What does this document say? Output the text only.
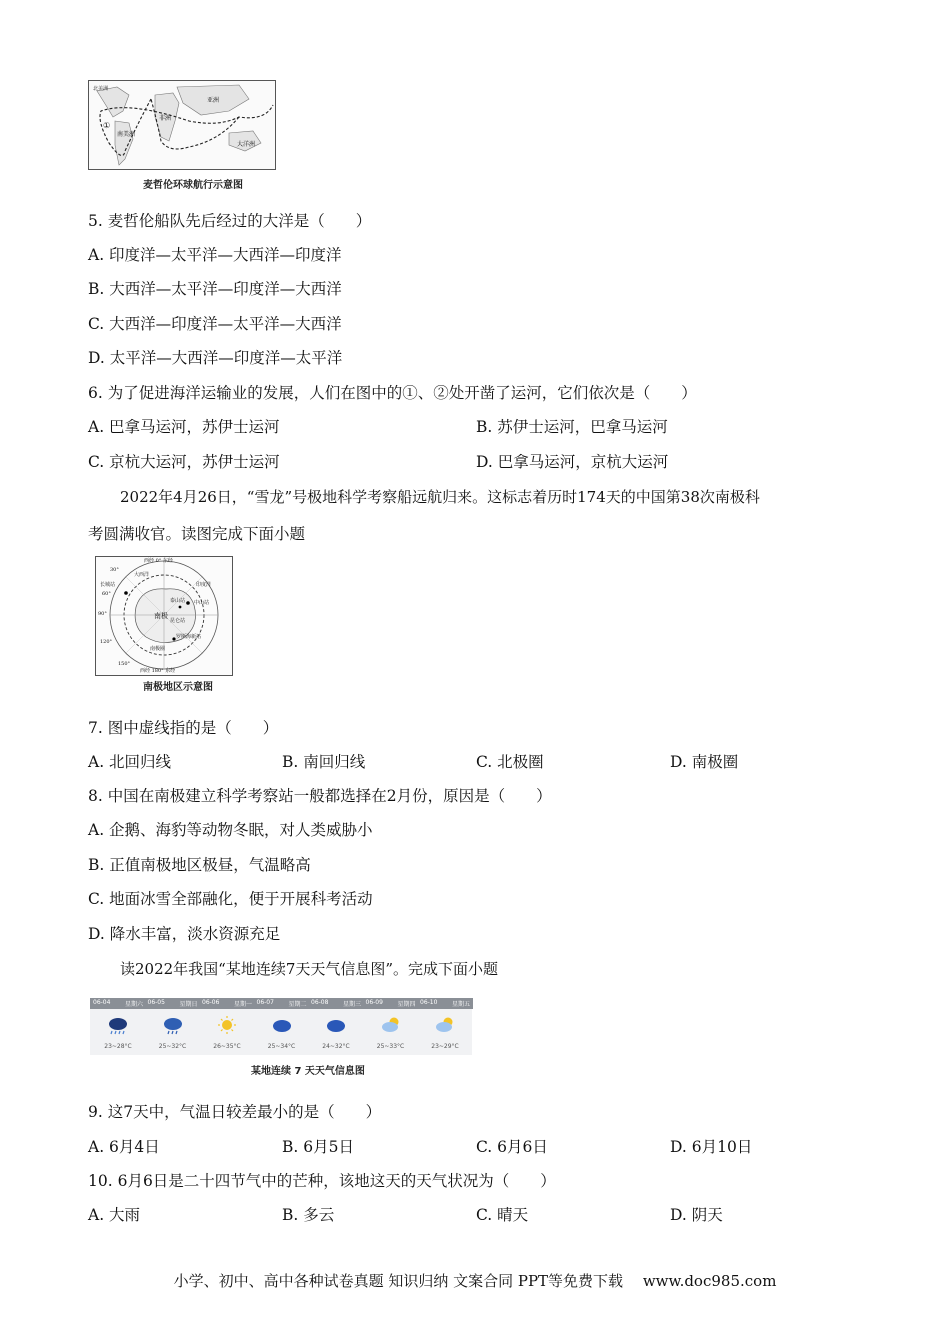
北美洲
①
亚洲
非洲
南美洲
大洋洲
麦哲伦环球航行示意图
5. 麦哲伦船队先后经过的大洋是（　　）
A. 印度洋—太平洋—大西洋—印度洋
B. 大西洋—太平洋—印度洋—大西洋
C. 大西洋—印度洋—太平洋—大西洋
D. 太平洋—大西洋—印度洋—太平洋
6. 为了促进海洋运输业的发展，人们在图中的①、②处开凿了运河，它们依次是（　　）
A. 巴拿马运河，苏伊士运河	B. 苏伊士运河，巴拿马运河
C. 京杭大运河，苏伊士运河	D. 巴拿马运河，京杭大运河
2022年4月26日，“雪龙”号极地科学考察船远航归来。这标志着历时174天的中国第38次南极科
考圆满收官。读图完成下面小题
西经 0° 东经
长城站
大西洋
印度洋
泰山站 中山站
南极
昆仑站
罗斯海新站
南极圈
西经 180° 东经
30°
60°
90°
120°
150°
南极地区示意图
7. 图中虚线指的是（　　）
A. 北回归线	B. 南回归线	C. 北极圈	D. 南极圈
8. 中国在南极建立科学考察站一般都选择在2月份，原因是（　　）
A. 企鹅、海豹等动物冬眠，对人类威胁小
B. 正值南极地区极昼，气温略高
C. 地面冰雪全部融化，便于开展科考活动
D. 降水丰富，淡水资源充足
读2022年我国“某地连续7天天气信息图”。完成下面小题
06-04 星期六
23~28°C
06-05 星期日
25~32°C
06-06 星期一
26~35°C
06-07 星期二
25~34°C
06-08 星期三
24~32°C
06-09 星期四
25~33°C
06-10 星期五
23~29°C
某地连续 7 天天气信息图
9. 这7天中，气温日较差最小的是（　　）
A. 6月4日	B. 6月5日	C. 6月6日	D. 6月10日
10. 6月6日是二十四节气中的芒种，该地这天的天气状况为（　　）
A. 大雨	B. 多云	C. 晴天	D. 阴天
小学、初中、高中各种试卷真题 知识归纳 文案合同 PPT等免费下载　 www.doc985.com
